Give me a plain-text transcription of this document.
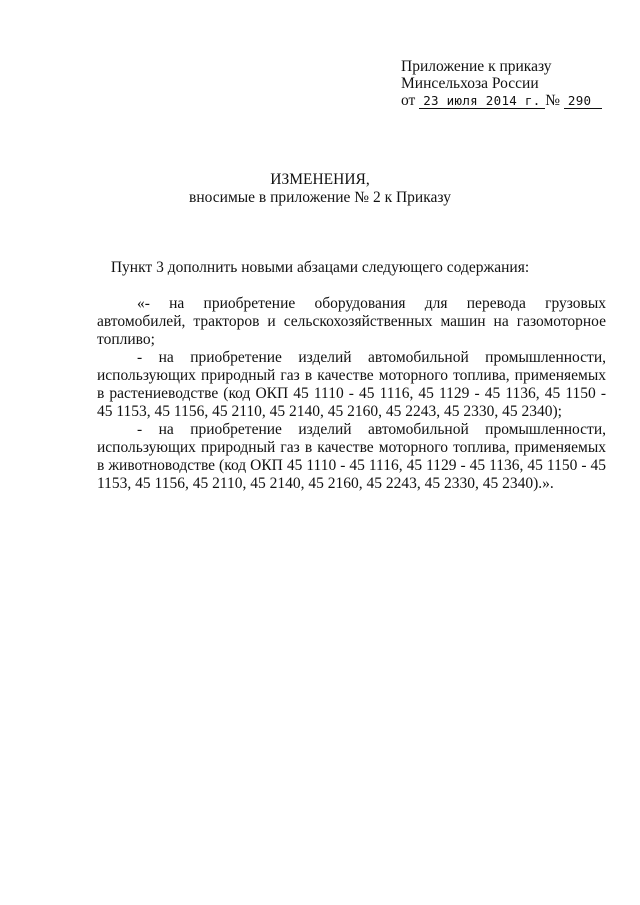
Приложение к приказу
Минсельхоза России
от 23 июля 2014 г. № 290
ИЗМЕНЕНИЯ,
вносимые в приложение № 2 к Приказу
Пункт 3 дополнить новыми абзацами следующего содержания:
«- на приобретение оборудования для перевода грузовых автомобилей, тракторов и сельскохозяйственных машин на газомоторное топливо;
- на приобретение изделий автомобильной промышленности, использующих природный газ в качестве моторного топлива, применяемых в растениеводстве (код ОКП 45 1110 - 45 1116, 45 1129 - 45 1136, 45 1150 - 45 1153, 45 1156, 45 2110, 45 2140, 45 2160, 45 2243, 45 2330, 45 2340);
- на приобретение изделий автомобильной промышленности, использующих природный газ в качестве моторного топлива, применяемых в животноводстве (код ОКП 45 1110 - 45 1116, 45 1129 - 45 1136, 45 1150 - 45 1153, 45 1156, 45 2110, 45 2140, 45 2160, 45 2243, 45 2330, 45 2340).».
